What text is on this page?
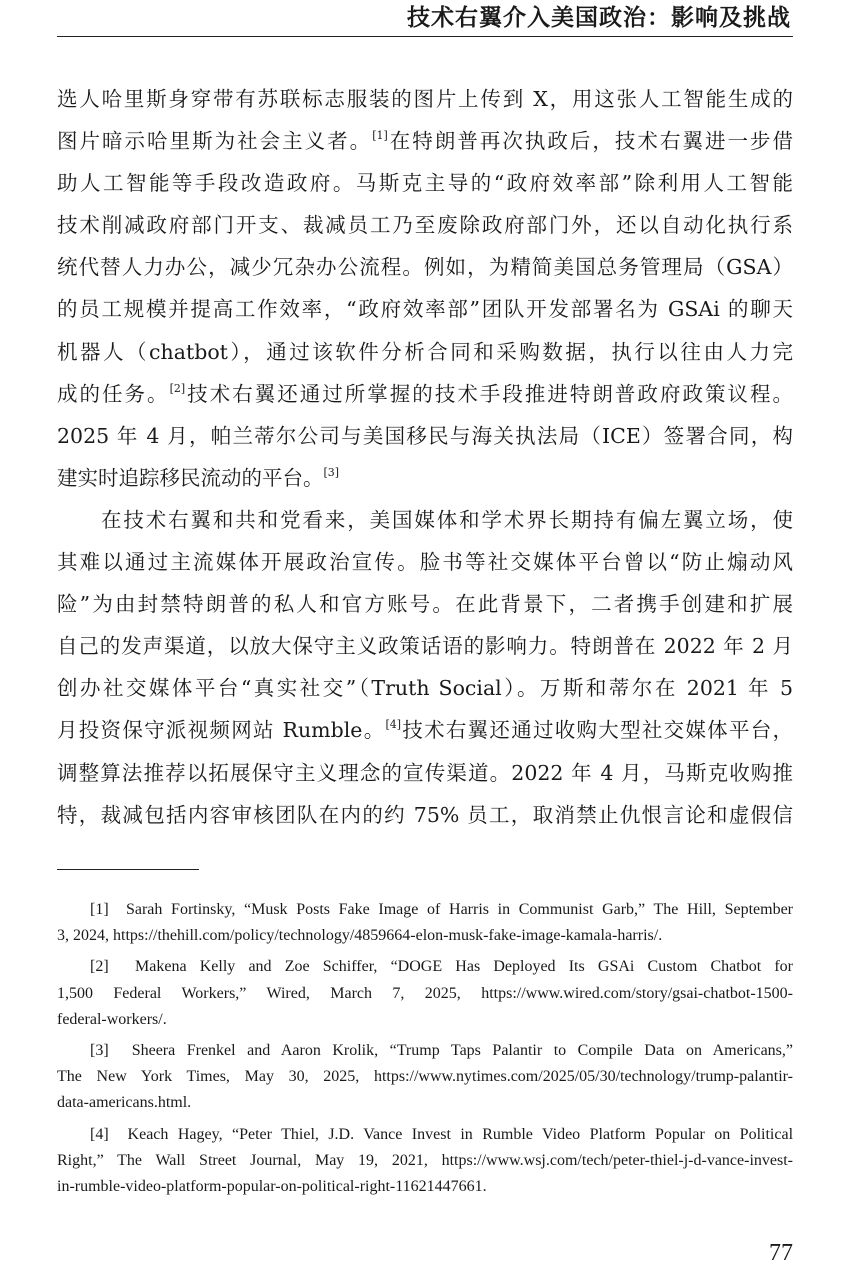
技术右翼介入美国政治：影响及挑战
选人哈里斯身穿带有苏联标志服装的图片上传到 X，用这张人工智能生成的
图片暗示哈里斯为社会主义者。[1]在特朗普再次执政后，技术右翼进一步借
助人工智能等手段改造政府。马斯克主导的“政府效率部”除利用人工智能
技术削减政府部门开支、裁减员工乃至废除政府部门外，还以自动化执行系
统代替人力办公，减少冗杂办公流程。例如，为精简美国总务管理局（GSA）
的员工规模并提高工作效率，“政府效率部”团队开发部署名为 GSAi 的聊天
机器人（chatbot），通过该软件分析合同和采购数据，执行以往由人力完
成的任务。[2]技术右翼还通过所掌握的技术手段推进特朗普政府政策议程。
2025 年 4 月，帕兰蒂尔公司与美国移民与海关执法局（ICE）签署合同，构
建实时追踪移民流动的平台。[3]
在技术右翼和共和党看来，美国媒体和学术界长期持有偏左翼立场，使
其难以通过主流媒体开展政治宣传。脸书等社交媒体平台曾以“防止煽动风
险”为由封禁特朗普的私人和官方账号。在此背景下，二者携手创建和扩展
自己的发声渠道，以放大保守主义政策话语的影响力。特朗普在 2022 年 2 月
创办社交媒体平台“真实社交”（Truth Social）。万斯和蒂尔在 2021 年 5
月投资保守派视频网站 Rumble。[4]技术右翼还通过收购大型社交媒体平台，
调整算法推荐以拓展保守主义理念的宣传渠道。2022 年 4 月，马斯克收购推
特，裁减包括内容审核团队在内的约 75% 员工，取消禁止仇恨言论和虚假信
[1] Sarah Fortinsky, “Musk Posts Fake Image of Harris in Communist Garb,” The Hill, September
3, 2024, https://thehill.com/policy/technology/4859664-elon-musk-fake-image-kamala-harris/.
[2] Makena Kelly and Zoe Schiffer, “DOGE Has Deployed Its GSAi Custom Chatbot for
1,500 Federal Workers,” Wired, March 7, 2025, https://www.wired.com/story/gsai-chatbot-1500-
federal-workers/.
[3] Sheera Frenkel and Aaron Krolik, “Trump Taps Palantir to Compile Data on Americans,”
The New York Times, May 30, 2025, https://www.nytimes.com/2025/05/30/technology/trump-palantir-
data-americans.html.
[4] Keach Hagey, “Peter Thiel, J.D. Vance Invest in Rumble Video Platform Popular on Political
Right,” The Wall Street Journal, May 19, 2021, https://www.wsj.com/tech/peter-thiel-j-d-vance-invest-
in-rumble-video-platform-popular-on-political-right-11621447661.
77
